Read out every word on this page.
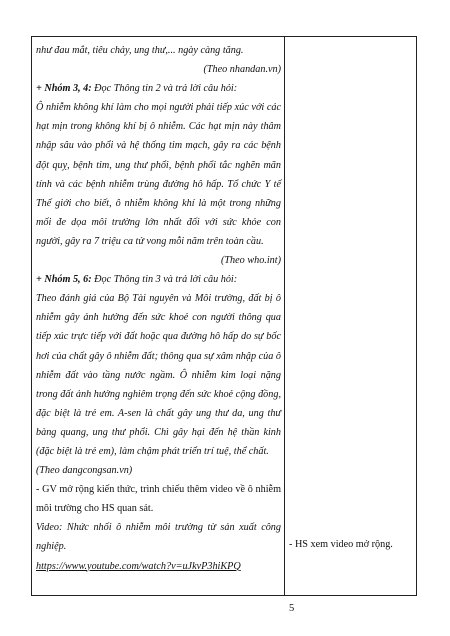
như đau mắt, tiêu chảy, ung thư,... ngày càng tăng.

(Theo nhandan.vn)

+ Nhóm 3, 4: Đọc Thông tin 2 và trả lời câu hỏi:

Ô nhiễm không khí làm cho mọi người phải tiếp xúc với các hạt mịn trong không khí bị ô nhiễm. Các hạt mịn này thâm nhập sâu vào phổi và hệ thống tim mạch, gây ra các bệnh đột quỵ, bệnh tim, ung thư phổi, bệnh phổi tắc nghẽn mãn tính và các bệnh nhiễm trùng đường hô hấp. Tổ chức Y tế Thế giới cho biết, ô nhiễm không khí là một trong những mối đe dọa môi trường lớn nhất đối với sức khỏe con người, gây ra 7 triệu ca tử vong mỗi năm trên toàn cầu.

(Theo who.int)

+ Nhóm 5, 6: Đọc Thông tin 3 và trả lời câu hỏi:

Theo đánh giá của Bộ Tài nguyên và Môi trường, đất bị ô nhiễm gây ảnh hưởng đến sức khoẻ con người thông qua tiếp xúc trực tiếp với đất hoặc qua đường hô hấp do sự bốc hơi của chất gây ô nhiễm đất; thông qua sự xâm nhập của ô nhiễm đất vào tầng nước ngầm. Ô nhiễm kim loại nặng trong đất ảnh hưởng nghiêm trọng đến sức khoẻ cộng đồng, đặc biệt là trẻ em. A-sen là chất gây ung thư da, ung thư bàng quang, ung thư phổi. Chì gây hại đến hệ thần kinh (đặc biệt là trẻ em), làm chậm phát triển trí tuệ, thể chất.

(Theo dangcongsan.vn)

- GV mở rộng kiến thức, trình chiếu thêm video về ô nhiễm môi trường cho HS quan sát.

Video: Nhức nhối ô nhiễm môi trường từ sản xuất công nghiệp.

https://www.youtube.com/watch?v=uJkvP3hiKPQ

- HS xem video mở rộng.
5
